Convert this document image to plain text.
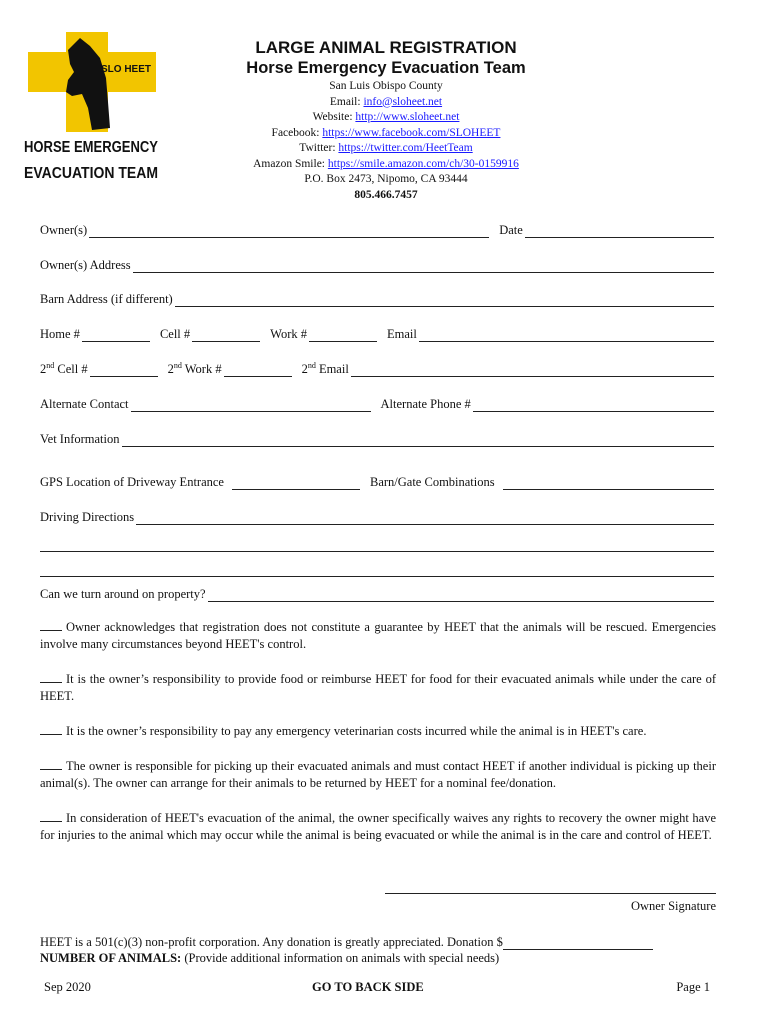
SLO HEET
HORSE EMERGENCY
EVACUATION TEAM
LARGE ANIMAL REGISTRATION
Horse Emergency Evacuation Team
San Luis Obispo County
Email: info@sloheet.net
Website: http://www.sloheet.net
Facebook: https://www.facebook.com/SLOHEET
Twitter: https://twitter.com/HeetTeam
Amazon Smile: https://smile.amazon.com/ch/30-0159916
P.O. Box 2473, Nipomo, CA 93444
805.466.7457
Owner(s)	Date
Owner(s) Address
Barn Address (if different)
Home #	Cell #	Work #	Email
2nd Cell #	2nd Work #	2nd Email
Alternate Contact	Alternate Phone #
Vet Information
GPS Location of Driveway Entrance	Barn/Gate Combinations
Driving Directions
Can we turn around on property?
Owner acknowledges that registration does not constitute a guarantee by HEET that the animals will be rescued. Emergencies involve many circumstances beyond HEET's control.
It is the owner’s responsibility to provide food or reimburse HEET for food for their evacuated animals while under the care of HEET.
It is the owner’s responsibility to pay any emergency veterinarian costs incurred while the animal is in HEET's care.
The owner is responsible for picking up their evacuated animals and must contact HEET if another individual is picking up their animal(s). The owner can arrange for their animals to be returned by HEET for a nominal fee/donation.
In consideration of HEET's evacuation of the animal, the owner specifically waives any rights to recovery the owner might have for injuries to the animal which may occur while the animal is being evacuated or while the animal is in the care and control of HEET.
Owner Signature
HEET is a 501(c)(3) non-profit corporation. Any donation is greatly appreciated. Donation $
NUMBER OF ANIMALS: (Provide additional information on animals with special needs)
Sep 2020	GO TO BACK SIDE	Page 1
